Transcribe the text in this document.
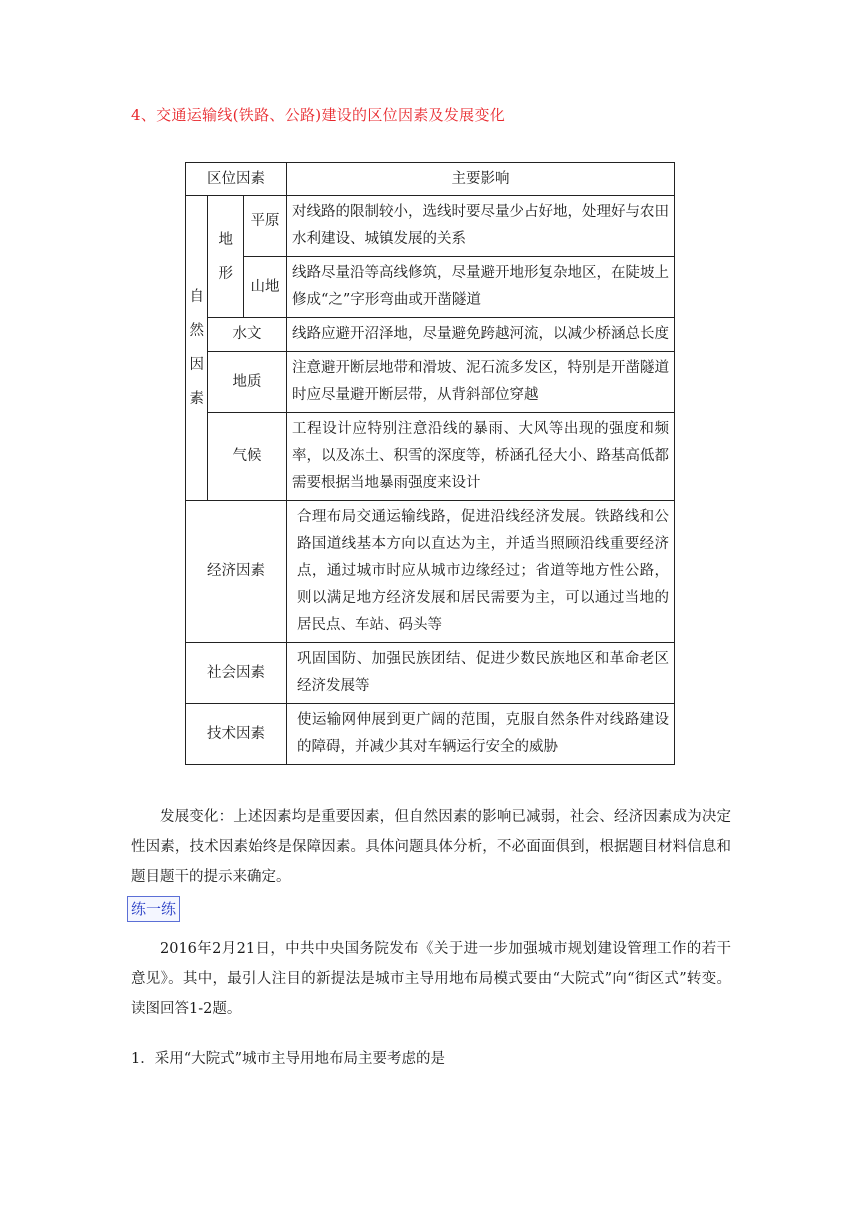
4、交通运输线(铁路、公路)建设的区位因素及发展变化
区位因素			主要影响

自然因素	地形	平原	对线路的限制较小，选线时要尽量少占好地，处理好与农田水利建设、城镇发展的关系
		山地	线路尽量沿等高线修筑，尽量避开地形复杂地区，在陡坡上修成“之”字形弯曲或开凿隧道
	水文		线路应避开沼泽地，尽量避免跨越河流，以减少桥涵总长度
	地质		注意避开断层地带和滑坡、泥石流多发区，特别是开凿隧道时应尽量避开断层带，从背斜部位穿越
	气候		工程设计应特别注意沿线的暴雨、大风等出现的强度和频率，以及冻土、积雪的深度等，桥涵孔径大小、路基高低都需要根据当地暴雨强度来设计
经济因素			合理布局交通运输线路，促进沿线经济发展。铁路线和公路国道线基本方向以直达为主，并适当照顾沿线重要经济点，通过城市时应从城市边缘经过；省道等地方性公路，则以满足地方经济发展和居民需要为主，可以通过当地的居民点、车站、码头等
社会因素			巩固国防、加强民族团结、促进少数民族地区和革命老区经济发展等
技术因素			使运输网伸展到更广阔的范围，克服自然条件对线路建设的障碍，并减少其对车辆运行安全的威胁
发展变化：上述因素均是重要因素，但自然因素的影响已减弱，社会、经济因素成为决定性因素，技术因素始终是保障因素。具体问题具体分析，不必面面俱到，根据题目材料信息和题目题干的提示来确定。
练一练
2016年2月21日，中共中央国务院发布《关于进一步加强城市规划建设管理工作的若干意见》。其中，最引人注目的新提法是城市主导用地布局模式要由“大院式”向“街区式”转变。读图回答1-2题。
1．采用“大院式”城市主导用地布局主要考虑的是
